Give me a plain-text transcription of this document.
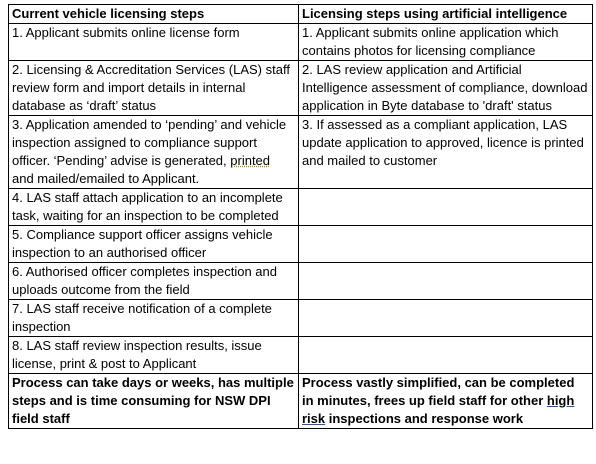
Current vehicle licensing steps	Licensing steps using artificial intelligence
1. Applicant submits online license form	1. Applicant submits online application which contains photos for licensing compliance
2. Licensing & Accreditation Services (LAS) staff review form and import details in internal database as ‘draft’ status	2. LAS review application and Artificial Intelligence assessment of compliance, download application in Byte database to 'draft' status
3. Application amended to ‘pending’ and vehicle inspection assigned to compliance support officer. ‘Pending’ advise is generated, printed and mailed/emailed to Applicant.	3. If assessed as a compliant application, LAS update application to approved, licence is printed and mailed to customer
4. LAS staff attach application to an incomplete task, waiting for an inspection to be completed	
5. Compliance support officer assigns vehicle inspection to an authorised officer	
6. Authorised officer completes inspection and uploads outcome from the field	
7. LAS staff receive notification of a complete inspection	
8. LAS staff review inspection results, issue license, print & post to Applicant	
Process can take days or weeks, has multiple steps and is time consuming for NSW DPI field staff	Process vastly simplified, can be completed in minutes, frees up field staff for other high risk inspections and response work
